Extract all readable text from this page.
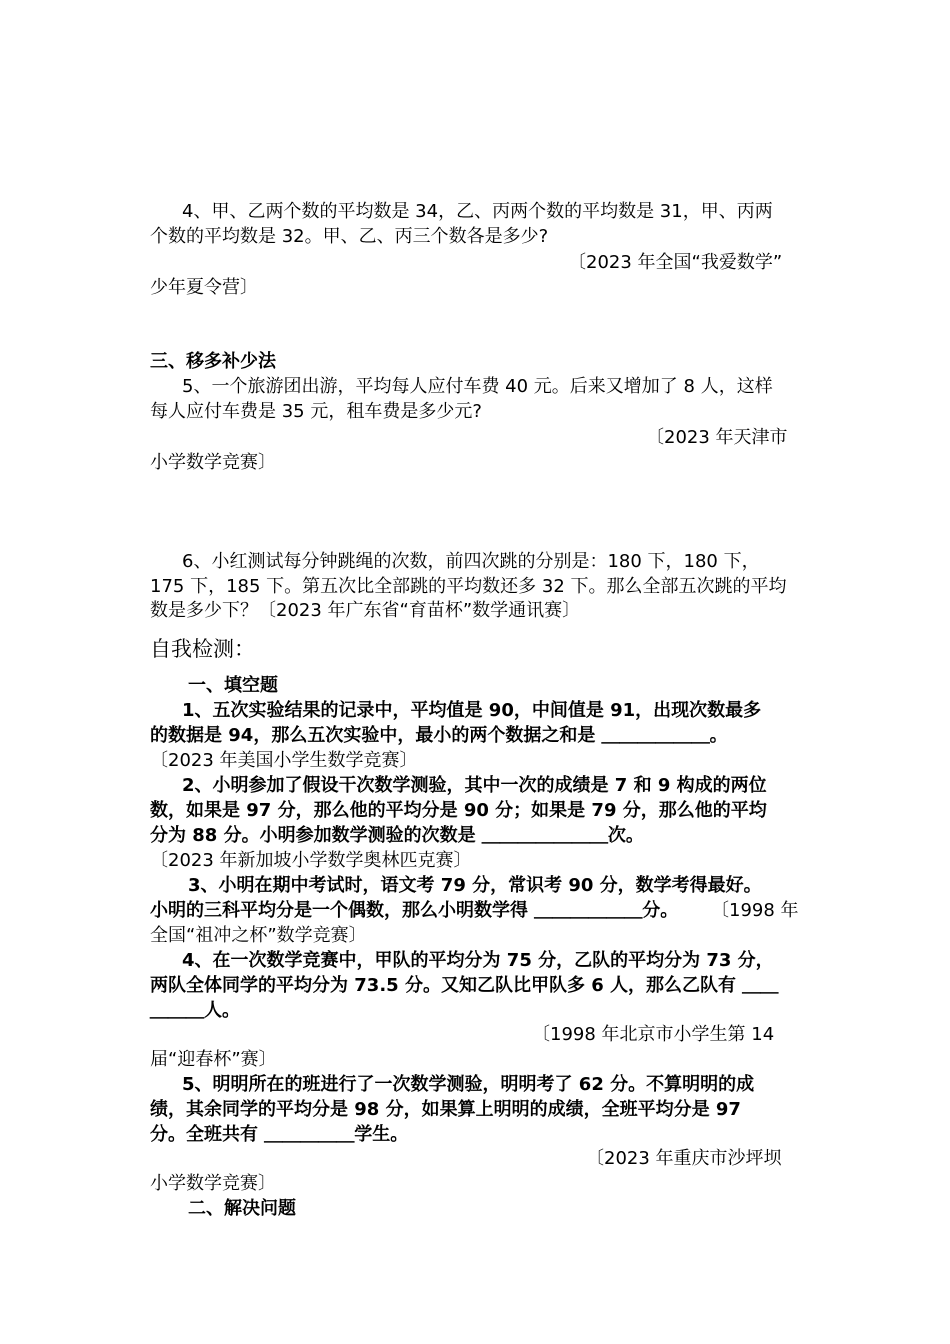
4、甲、乙两个数的平均数是 34，乙、丙两个数的平均数是 31，甲、丙两
个数的平均数是 32。甲、乙、丙三个数各是多少?
〔2023 年全国“我爱数学”
少年夏令营〕
三、移多补少法
5、一个旅游团出游，平均每人应付车费 40 元。后来又增加了 8 人，这样
每人应付车费是 35 元，租车费是多少元?
〔2023 年天津市
小学数学竞赛〕
6、小红测试每分钟跳绳的次数，前四次跳的分别是：180 下，180 下，
175 下，185 下。第五次比全部跳的平均数还多 32 下。那么全部五次跳的平均
数是多少下？〔2023 年广东省“育苗杯”数学通讯赛〕
自我检测：
一、填空题
1、五次实验结果的记录中，平均值是 90，中间值是 91，出现次数最多
的数据是 94，那么五次实验中，最小的两个数据之和是 ＿＿＿＿＿＿。
〔2023 年美国小学生数学竞赛〕
2、小明参加了假设干次数学测验，其中一次的成绩是 7 和 9 构成的两位
数，如果是 97 分，那么他的平均分是 90 分；如果是 79 分，那么他的平均
分为 88 分。小明参加数学测验的次数是 ＿＿＿＿＿＿＿次。
〔2023 年新加坡小学数学奥林匹克赛〕
3、小明在期中考试时，语文考 79 分，常识考 90 分，数学考得最好。
小明的三科平均分是一个偶数，那么小明数学得 ＿＿＿＿＿＿分。 〔1998 年
全国“祖冲之杯”数学竞赛〕
4、在一次数学竞赛中，甲队的平均分为 75 分，乙队的平均分为 73 分，
两队全体同学的平均分为 73.5 分。又知乙队比甲队多 6 人，那么乙队有 ＿＿
＿＿＿人。
〔1998 年北京市小学生第 14
届“迎春杯”赛〕
5、明明所在的班进行了一次数学测验，明明考了 62 分。不算明明的成
绩，其余同学的平均分是 98 分，如果算上明明的成绩，全班平均分是 97
分。全班共有 ＿＿＿＿＿学生。
〔2023 年重庆市沙坪坝
小学数学竞赛〕
二、解决问题
